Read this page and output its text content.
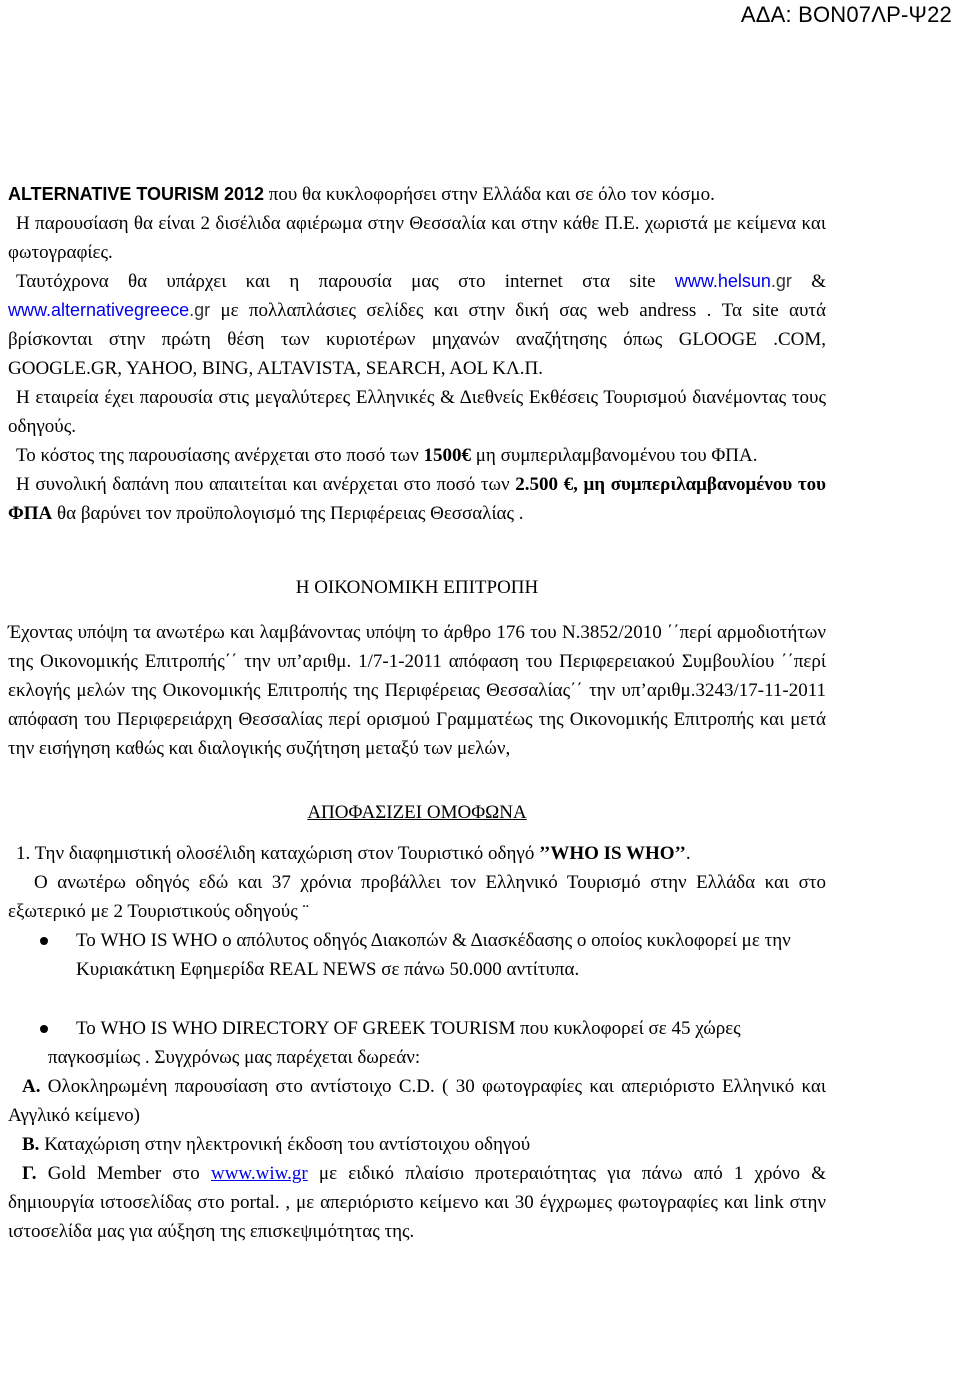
ΑΔΑ: ΒΟΝ07ΛΡ-Ψ22

ALTERNATIVE TOURISM 2012 που θα κυκλοφορήσει στην Ελλάδα και σε όλο τον κόσμο.

Η παρουσίαση θα είναι 2 δισέλιδα αφιέρωμα στην Θεσσαλία και στην κάθε Π.Ε. χωριστά με κείμενα και φωτογραφίες.

Ταυτόχρονα θα υπάρχει και η παρουσία μας στο internet στα site www.helsun.gr & www.alternativegreece.gr με πολλαπλάσιες σελίδες και στην δική σας web andress . Τα site αυτά βρίσκονται στην πρώτη θέση των κυριοτέρων μηχανών αναζήτησης όπως GLOOGE .COM, GOOGLE.GR, YAHOO, BING, ALTAVISTA, SEARCH, AOL ΚΛ.Π.

Η εταιρεία έχει παρουσία στις μεγαλύτερες Ελληνικές & Διεθνείς Εκθέσεις Τουρισμού διανέμοντας τους οδηγούς.

Το κόστος της παρουσίασης ανέρχεται στο ποσό των 1500€ μη συμπεριλαμβανομένου του ΦΠΑ.

Η συνολική δαπάνη που απαιτείται και ανέρχεται στο ποσό των 2.500 €, μη συμπεριλαμβανομένου του ΦΠΑ θα βαρύνει τον προϋπολογισμό της Περιφέρειας Θεσσαλίας .

Η ΟΙΚΟΝΟΜΙΚΗ ΕΠΙΤΡΟΠΗ

Έχοντας υπόψη τα ανωτέρω και λαμβάνοντας υπόψη το άρθρο 176 του Ν.3852/2010 ΄΄περί αρμοδιοτήτων της Οικονομικής Επιτροπής΄΄ την υπ’αριθμ. 1/7-1-2011 απόφαση του Περιφερειακού Συμβουλίου ΄΄περί εκλογής μελών της Οικονομικής Επιτροπής της Περιφέρειας Θεσσαλίας΄΄ την υπ’αριθμ.3243/17-11-2011 απόφαση του Περιφερειάρχη Θεσσαλίας περί ορισμού Γραμματέως της Οικονομικής Επιτροπής και μετά την εισήγηση καθώς και διαλογικής συζήτηση μεταξύ των μελών,

ΑΠΟΦΑΣΙΖΕΙ ΟΜΟΦΩΝΑ

1. Την διαφημιστική ολοσέλιδη καταχώριση στον Τουριστικό οδηγό ’’WHO IS WHO’’.

Ο ανωτέρω οδηγός εδώ και 37 χρόνια προβάλλει τον Ελληνικό Τουρισμό στην Ελλάδα και στο εξωτερικό με 2 Τουριστικούς οδηγούς ¨

Το WHO IS WHO ο απόλυτος οδηγός Διακοπών & Διασκέδασης ο οποίος κυκλοφορεί με την Κυριακάτικη Εφημερίδα REAL NEWS σε πάνω 50.000 αντίτυπα.
Το WHO IS WHO DIRECTORY OF GREEK TOURISM που κυκλοφορεί σε 45 χώρες

παγκοσμίως . Συγχρόνως μας παρέχεται δωρεάν:

Α. Ολοκληρωμένη παρουσίαση στο αντίστοιχο C.D. ( 30 φωτογραφίες και απεριόριστο Ελληνικό και Αγγλικό κείμενο)

Β. Καταχώριση στην ηλεκτρονική έκδοση του αντίστοιχου οδηγού

Γ. Gold Member στο www.wiw.gr με ειδικό πλαίσιο προτεραιότητας για πάνω από 1 χρόνο & δημιουργία ιστοσελίδας στο portal. , με απεριόριστο κείμενο και 30 έγχρωμες φωτογραφίες και link στην ιστοσελίδα μας για αύξηση της επισκεψιμότητας της.
